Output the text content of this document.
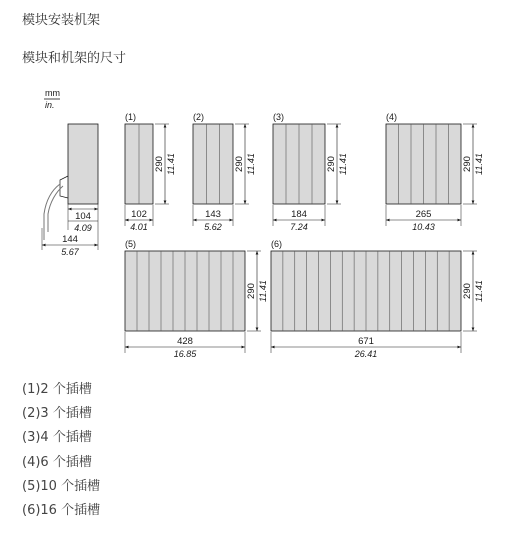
模块安装机架
模块和机架的尺寸
mm
in.
104
4.09
144
5.67
(1)
290 11.41
102
4.01
(2)
290 11.41
143
5.62
(3)
290 11.41
184
7.24
(4)
290 11.41
265
10.43
(5)
290 11.41
428
16.85
(6)
290 11.41
671
26.41
(1)2 个插槽
(2)3 个插槽
(3)4 个插槽
(4)6 个插槽
(5)10 个插槽
(6)16 个插槽
